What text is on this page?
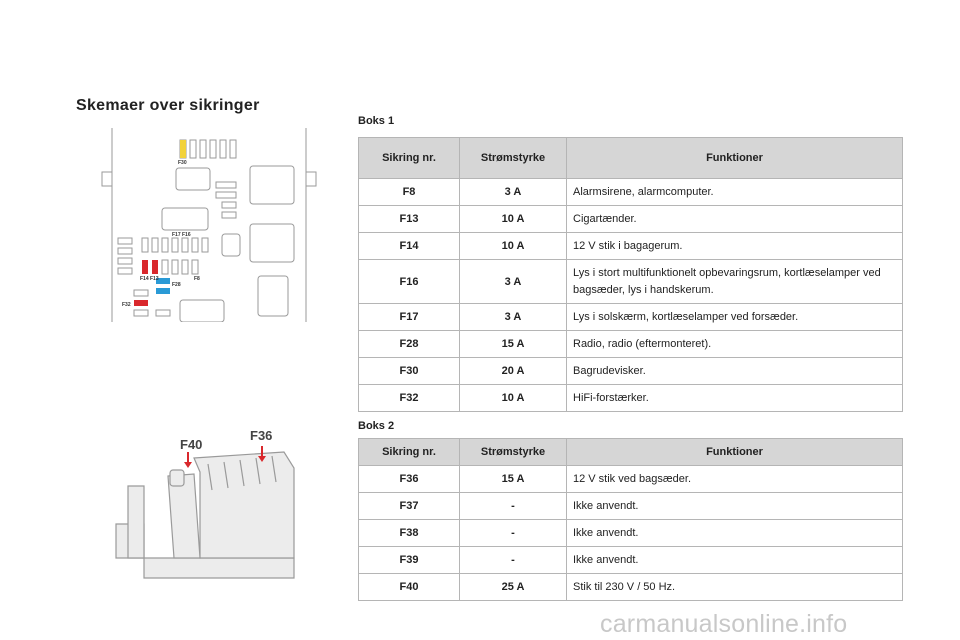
Skemaer over sikringer
F30
F17 F16
F14 F13	F8
F28
F32
F40
F36
Boks 1
Sikring nr.	Strømstyrke	Funktioner
F8	3 A	Alarmsirene, alarmcomputer.
F13	10 A	Cigartænder.
F14	10 A	12 V stik i bagagerum.
F16	3 A	Lys i stort multifunktionelt opbevaringsrum, kortlæselamper ved bagsæder, lys i handskerum.
F17	3 A	Lys i solskærm, kortlæselamper ved forsæder.
F28	15 A	Radio, radio (eftermonteret).
F30	20 A	Bagrudevisker.
F32	10 A	HiFi-forstærker.
Boks 2
Sikring nr.	Strømstyrke	Funktioner
F36	15 A	12 V stik ved bagsæder.
F37	-	Ikke anvendt.
F38	-	Ikke anvendt.
F39	-	Ikke anvendt.
F40	25 A	Stik til 230 V / 50 Hz.
carmanualsonline.info
